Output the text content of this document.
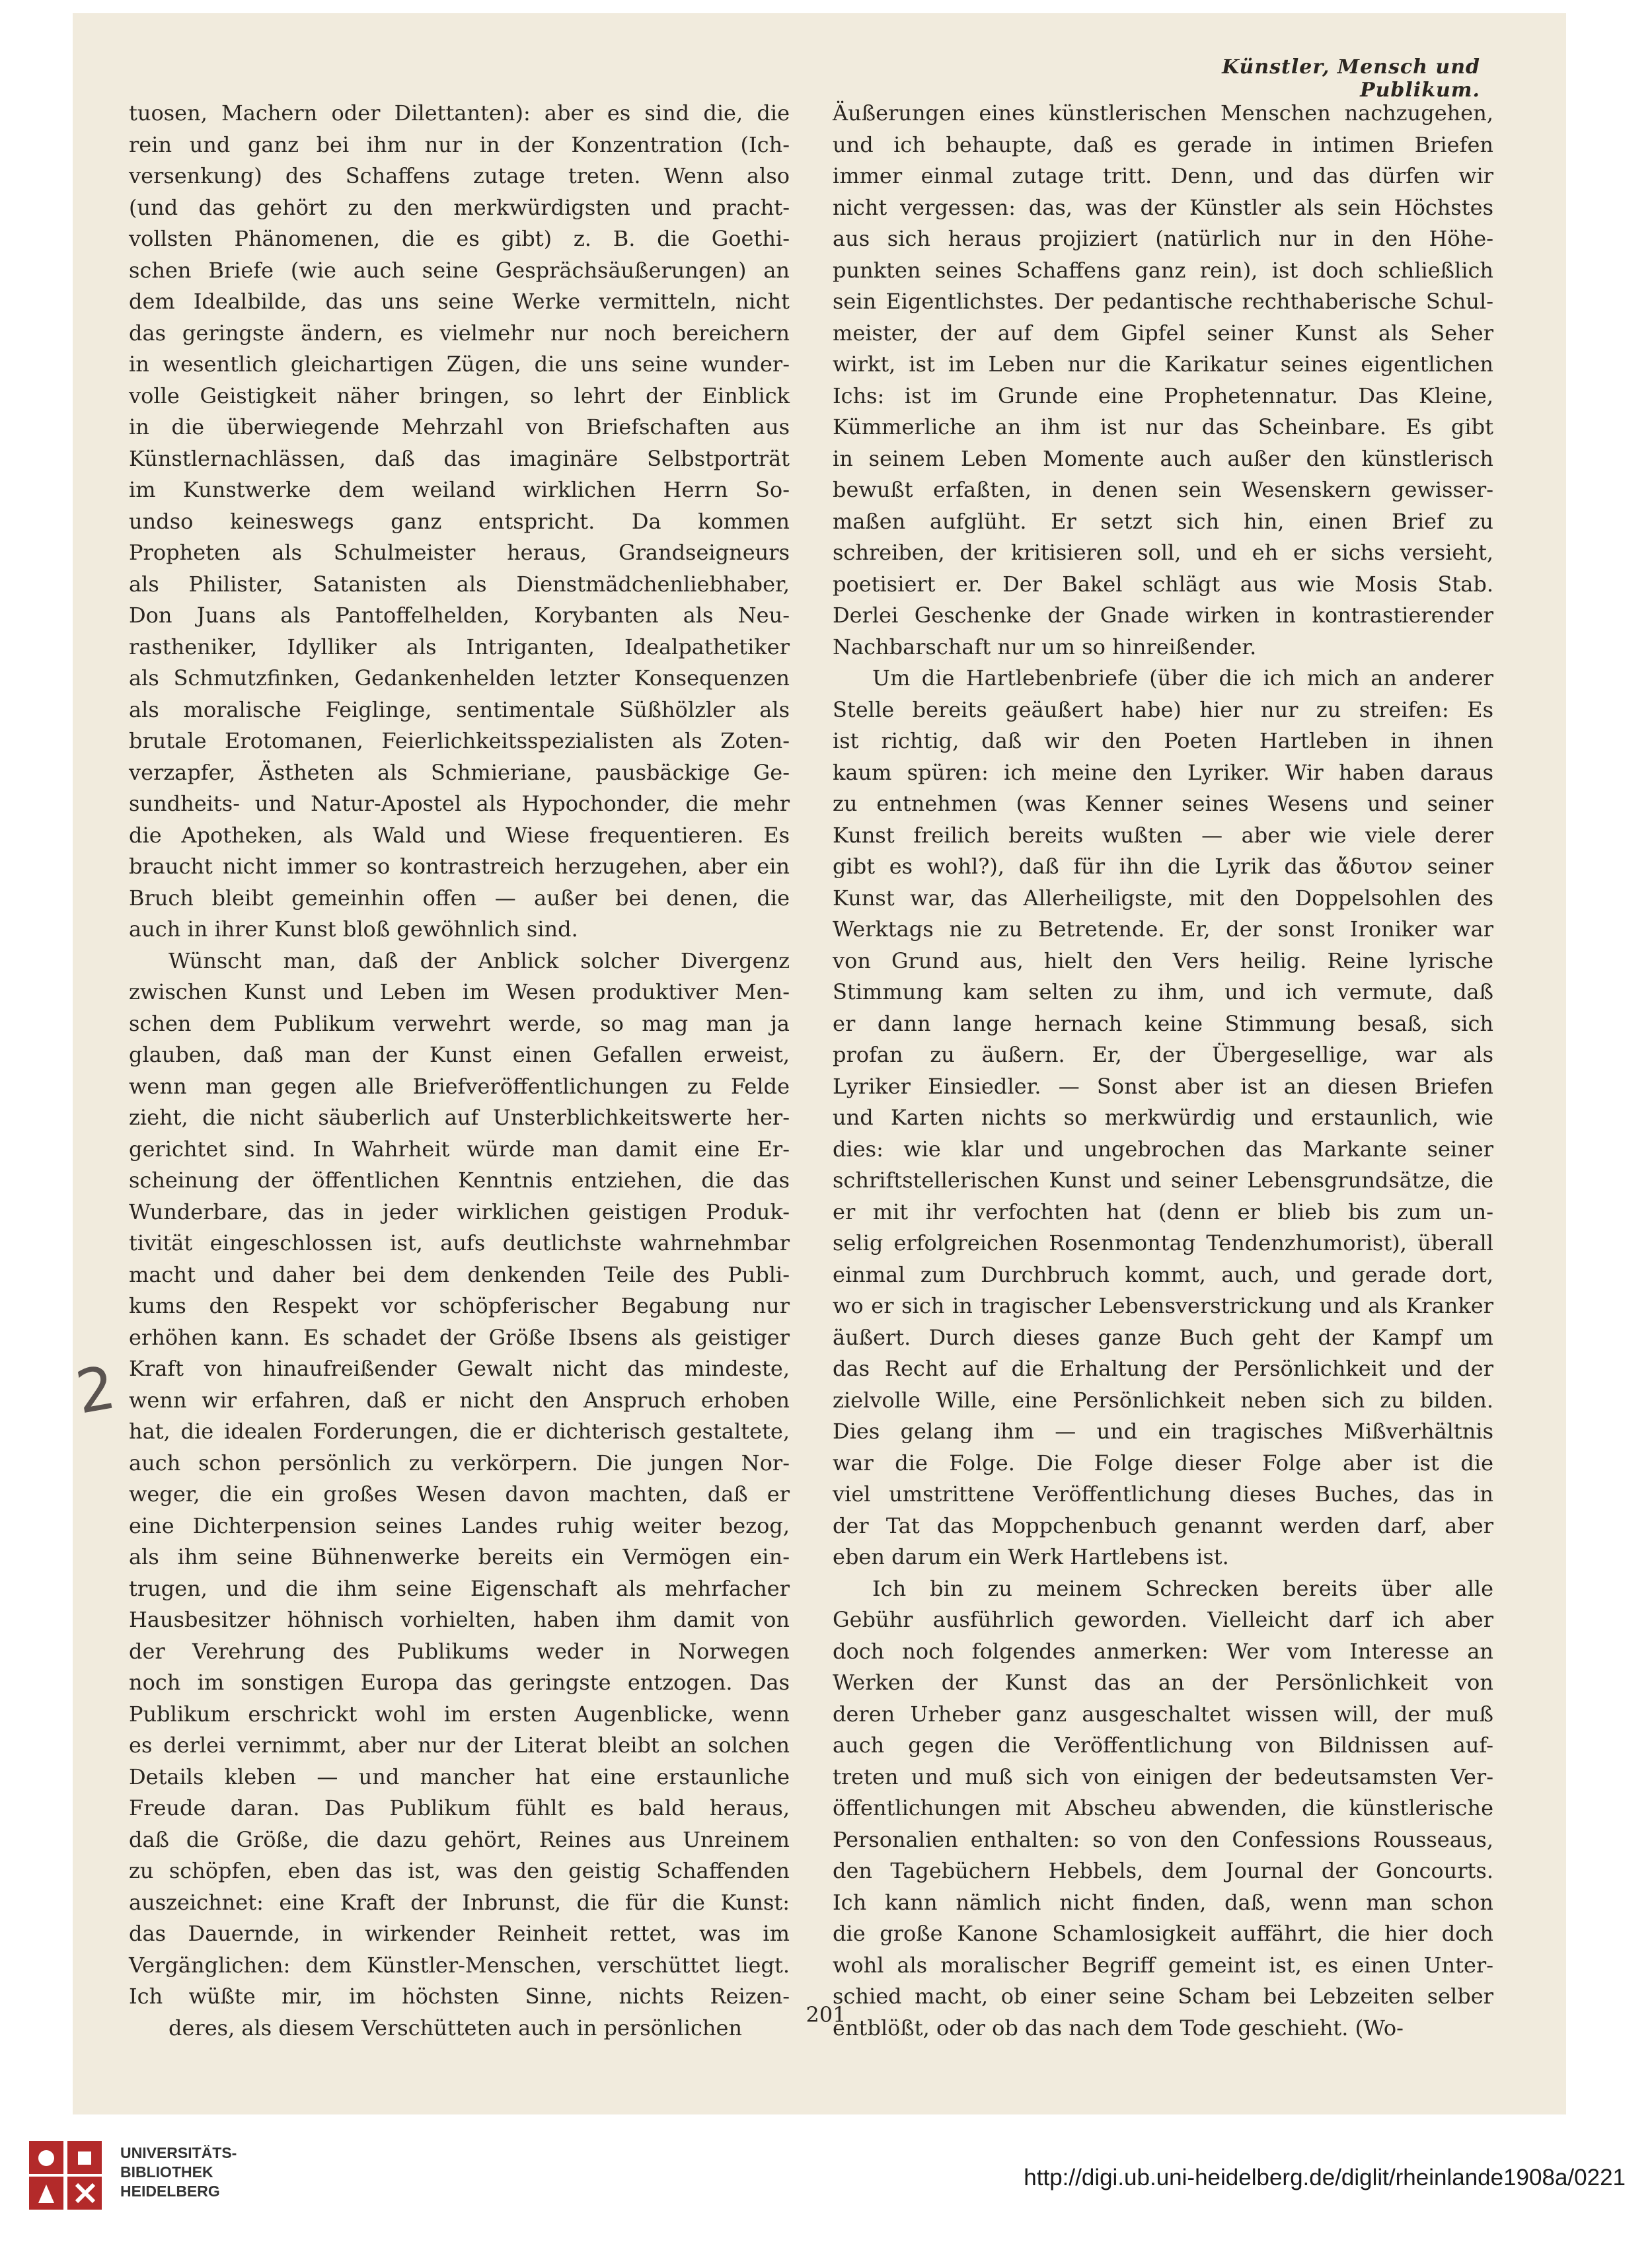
Künstler, Mensch und Publikum.
tuosen, Machern oder Dilettanten): aber es sind die, die
rein und ganz bei ihm nur in der Konzentration (Ich-
versenkung) des Schaffens zutage treten. Wenn also
(und das gehört zu den merkwürdigsten und pracht-
vollsten Phänomenen, die es gibt) z. B. die Goethi-
schen Briefe (wie auch seine Gesprächsäußerungen) an
dem Idealbilde, das uns seine Werke vermitteln, nicht
das geringste ändern, es vielmehr nur noch bereichern
in wesentlich gleichartigen Zügen, die uns seine wunder-
volle Geistigkeit näher bringen, so lehrt der Einblick
in die überwiegende Mehrzahl von Briefschaften aus
Künstlernachlässen, daß das imaginäre Selbstporträt
im Kunstwerke dem weiland wirklichen Herrn So-
undso keineswegs ganz entspricht. Da kommen
Propheten als Schulmeister heraus, Grandseigneurs
als Philister, Satanisten als Dienstmädchenliebhaber,
Don Juans als Pantoffelhelden, Korybanten als Neu-
rastheniker, Idylliker als Intriganten, Idealpathetiker
als Schmutzfinken, Gedankenhelden letzter Konsequenzen
als moralische Feiglinge, sentimentale Süßhölzler als
brutale Erotomanen, Feierlichkeitsspezialisten als Zoten-
verzapfer, Ästheten als Schmieriane, pausbäckige Ge-
sundheits- und Natur-Apostel als Hypochonder, die mehr
die Apotheken, als Wald und Wiese frequentieren. Es
braucht nicht immer so kontrastreich herzugehen, aber ein
Bruch bleibt gemeinhin offen — außer bei denen, die
auch in ihrer Kunst bloß gewöhnlich sind.
Wünscht man, daß der Anblick solcher Divergenz
zwischen Kunst und Leben im Wesen produktiver Men-
schen dem Publikum verwehrt werde, so mag man ja
glauben, daß man der Kunst einen Gefallen erweist,
wenn man gegen alle Briefveröffentlichungen zu Felde
zieht, die nicht säuberlich auf Unsterblichkeitswerte her-
gerichtet sind. In Wahrheit würde man damit eine Er-
scheinung der öffentlichen Kenntnis entziehen, die das
Wunderbare, das in jeder wirklichen geistigen Produk-
tivität eingeschlossen ist, aufs deutlichste wahrnehmbar
macht und daher bei dem denkenden Teile des Publi-
kums den Respekt vor schöpferischer Begabung nur
erhöhen kann. Es schadet der Größe Ibsens als geistiger
Kraft von hinaufreißender Gewalt nicht das mindeste,
wenn wir erfahren, daß er nicht den Anspruch erhoben
hat, die idealen Forderungen, die er dichterisch gestaltete,
auch schon persönlich zu verkörpern. Die jungen Nor-
weger, die ein großes Wesen davon machten, daß er
eine Dichterpension seines Landes ruhig weiter bezog,
als ihm seine Bühnenwerke bereits ein Vermögen ein-
trugen, und die ihm seine Eigenschaft als mehrfacher
Hausbesitzer höhnisch vorhielten, haben ihm damit von
der Verehrung des Publikums weder in Norwegen
noch im sonstigen Europa das geringste entzogen. Das
Publikum erschrickt wohl im ersten Augenblicke, wenn
es derlei vernimmt, aber nur der Literat bleibt an solchen
Details kleben — und mancher hat eine erstaunliche
Freude daran. Das Publikum fühlt es bald heraus,
daß die Größe, die dazu gehört, Reines aus Unreinem
zu schöpfen, eben das ist, was den geistig Schaffenden
auszeichnet: eine Kraft der Inbrunst, die für die Kunst:
das Dauernde, in wirkender Reinheit rettet, was im
Vergänglichen: dem Künstler-Menschen, verschüttet liegt.
Ich wüßte mir, im höchsten Sinne, nichts Reizen-
deres, als diesem Verschütteten auch in persönlichen
Äußerungen eines künstlerischen Menschen nachzugehen,
und ich behaupte, daß es gerade in intimen Briefen
immer einmal zutage tritt. Denn, und das dürfen wir
nicht vergessen: das, was der Künstler als sein Höchstes
aus sich heraus projiziert (natürlich nur in den Höhe-
punkten seines Schaffens ganz rein), ist doch schließlich
sein Eigentlichstes. Der pedantische rechthaberische Schul-
meister, der auf dem Gipfel seiner Kunst als Seher
wirkt, ist im Leben nur die Karikatur seines eigentlichen
Ichs: ist im Grunde eine Prophetennatur. Das Kleine,
Kümmerliche an ihm ist nur das Scheinbare. Es gibt
in seinem Leben Momente auch außer den künstlerisch
bewußt erfaßten, in denen sein Wesenskern gewisser-
maßen aufglüht. Er setzt sich hin, einen Brief zu
schreiben, der kritisieren soll, und eh er sichs versieht,
poetisiert er. Der Bakel schlägt aus wie Mosis Stab.
Derlei Geschenke der Gnade wirken in kontrastierender
Nachbarschaft nur um so hinreißender.
Um die Hartlebenbriefe (über die ich mich an anderer
Stelle bereits geäußert habe) hier nur zu streifen: Es
ist richtig, daß wir den Poeten Hartleben in ihnen
kaum spüren: ich meine den Lyriker. Wir haben daraus
zu entnehmen (was Kenner seines Wesens und seiner
Kunst freilich bereits wußten — aber wie viele derer
gibt es wohl?), daß für ihn die Lyrik das ἄδυτον seiner
Kunst war, das Allerheiligste, mit den Doppelsohlen des
Werktags nie zu Betretende. Er, der sonst Ironiker war
von Grund aus, hielt den Vers heilig. Reine lyrische
Stimmung kam selten zu ihm, und ich vermute, daß
er dann lange hernach keine Stimmung besaß, sich
profan zu äußern. Er, der Übergesellige, war als
Lyriker Einsiedler. — Sonst aber ist an diesen Briefen
und Karten nichts so merkwürdig und erstaunlich, wie
dies: wie klar und ungebrochen das Markante seiner
schriftstellerischen Kunst und seiner Lebensgrundsätze, die
er mit ihr verfochten hat (denn er blieb bis zum un-
selig erfolgreichen Rosenmontag Tendenzhumorist), überall
einmal zum Durchbruch kommt, auch, und gerade dort,
wo er sich in tragischer Lebensverstrickung und als Kranker
äußert. Durch dieses ganze Buch geht der Kampf um
das Recht auf die Erhaltung der Persönlichkeit und der
zielvolle Wille, eine Persönlichkeit neben sich zu bilden.
Dies gelang ihm — und ein tragisches Mißverhältnis
war die Folge. Die Folge dieser Folge aber ist die
viel umstrittene Veröffentlichung dieses Buches, das in
der Tat das Moppchenbuch genannt werden darf, aber
eben darum ein Werk Hartlebens ist.
Ich bin zu meinem Schrecken bereits über alle
Gebühr ausführlich geworden. Vielleicht darf ich aber
doch noch folgendes anmerken: Wer vom Interesse an
Werken der Kunst das an der Persönlichkeit von
deren Urheber ganz ausgeschaltet wissen will, der muß
auch gegen die Veröffentlichung von Bildnissen auf-
treten und muß sich von einigen der bedeutsamsten Ver-
öffentlichungen mit Abscheu abwenden, die künstlerische
Personalien enthalten: so von den Confessions Rousseaus,
den Tagebüchern Hebbels, dem Journal der Goncourts.
Ich kann nämlich nicht finden, daß, wenn man schon
die große Kanone Schamlosigkeit auffährt, die hier doch
wohl als moralischer Begriff gemeint ist, es einen Unter-
schied macht, ob einer seine Scham bei Lebzeiten selber
entblößt, oder ob das nach dem Tode geschieht. (Wo-
2
201
UNIVERSITÄTS-
BIBLIOTHEK
HEIDELBERG
http://digi.ub.uni-heidelberg.de/diglit/rheinlande1908a/0221
